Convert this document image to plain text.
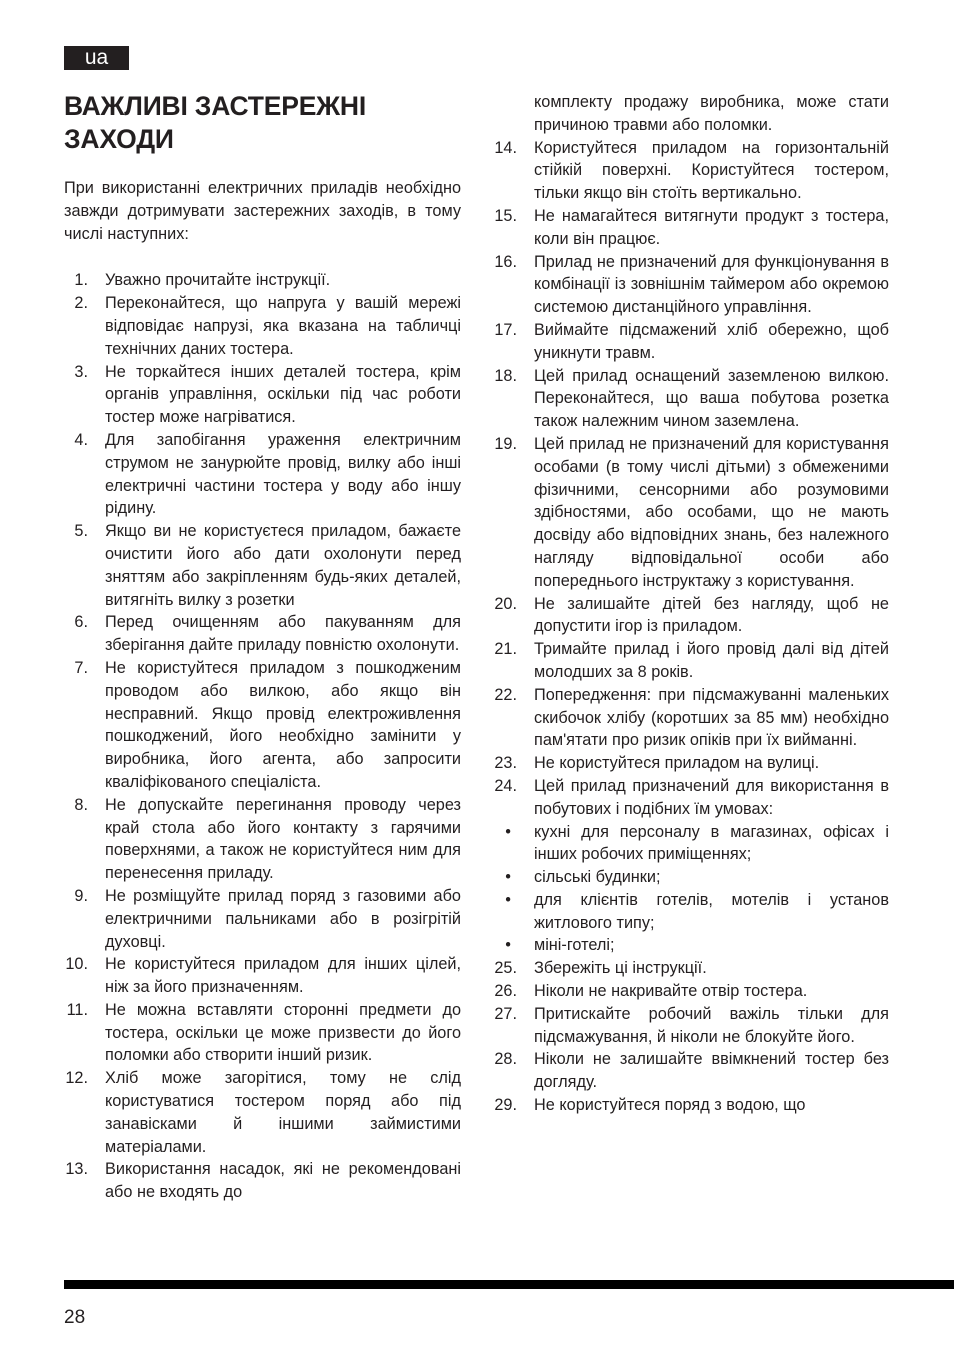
ua
ВАЖЛИВІ ЗАСТЕРЕЖНІ
ЗАХОДИ

При використанні електричних приладів необхідно завжди дотримувати застережних заходів, в тому числі наступних:

1. Уважно прочитайте інструкції.
2. Переконайтеся, що напруга у вашій мережі відповідає напрузі, яка вказана на табличці технічних даних тостера.
3. Не торкайтеся інших деталей тостера, крім органів управління, оскільки під час роботи тостер може нагріватися.
4. Для запобігання ураження електричним струмом не занурюйте провід, вилку або інші електричні частини тостера у воду або іншу рідину.
5. Якщо ви не користуєтеся приладом, бажаєте очистити його або дати охолонути перед зняттям або закріпленням будь-яких деталей, витягніть вилку з розетки
6. Перед очищенням або пакуванням для зберігання дайте приладу повністю охолонути.
7. Не користуйтеся приладом з пошкодженим проводом або вилкою, або якщо він несправний. Якщо провід електроживлення пошкоджений, його необхідно замінити у виробника, його агента, або запросити кваліфікованого спеціаліста.
8. Не допускайте перегинання проводу через край стола або його контакту з гарячими поверхнями, а також не користуйтеся ним для перенесення приладу.
9. Не розміщуйте прилад поряд з газовими або електричними пальниками або в розігрітій духовці.
10. Не користуйтеся приладом для інших цілей, ніж за його призначенням.
11. Не можна вставляти сторонні предмети до тостера, оскільки це може призвести до його поломки або створити інший ризик.
12. Хліб може загорітися, тому не слід користуватися тостером поряд або під занавісками й іншими займистими матеріалами.
13. Використання насадок, які не рекомендовані або не входять до
комплекту продажу виробника, може стати причиною травми або поломки.
14. Користуйтеся приладом на горизонтальній стійкій поверхні. Користуйтеся тостером, тільки якщо він стоїть вертикально.
15. Не намагайтеся витягнути продукт з тостера, коли він працює.
16. Прилад не призначений для функціонування в комбінації із зовнішнім таймером або окремою системою дистанційного управління.
17. Виймайте підсмажений хліб обережно, щоб уникнути травм.
18. Цей прилад оснащений заземленою вилкою. Переконайтеся, що ваша побутова розетка також належним чином заземлена.
19. Цей прилад не призначений для користування особами (в тому числі дітьми) з обмеженими фізичними, сенсорними або розумовими здібностями, або особами, що не мають досвіду або відповідних знань, без належного нагляду відповідальної особи або попереднього інструктажу з користування.
20. Не залишайте дітей без нагляду, щоб не допустити ігор із приладом.
21. Тримайте прилад і його провід далі від дітей молодших за 8 років.
22. Попередження: при підсмажуванні маленьких скибочок хлібу (коротших за 85 мм) необхідно пам'ятати про ризик опіків при їх вийманні.
23. Не користуйтеся приладом на вулиці.
24. Цей прилад призначений для використання в побутових і подібних їм умовах:
• кухні для персоналу в магазинах, офісах і інших робочих приміщеннях;
• сільські будинки;
• для клієнтів готелів, мотелів і установ житлового типу;
• міні-готелі;
25. Збережіть ці інструкції.
26. Ніколи не накривайте отвір тостера.
27. Притискайте робочий важіль тільки для підсмажування, й ніколи не блокуйте його.
28. Ніколи не залишайте ввімкнений тостер без догляду.
29. Не користуйтеся поряд з водою, що
28
